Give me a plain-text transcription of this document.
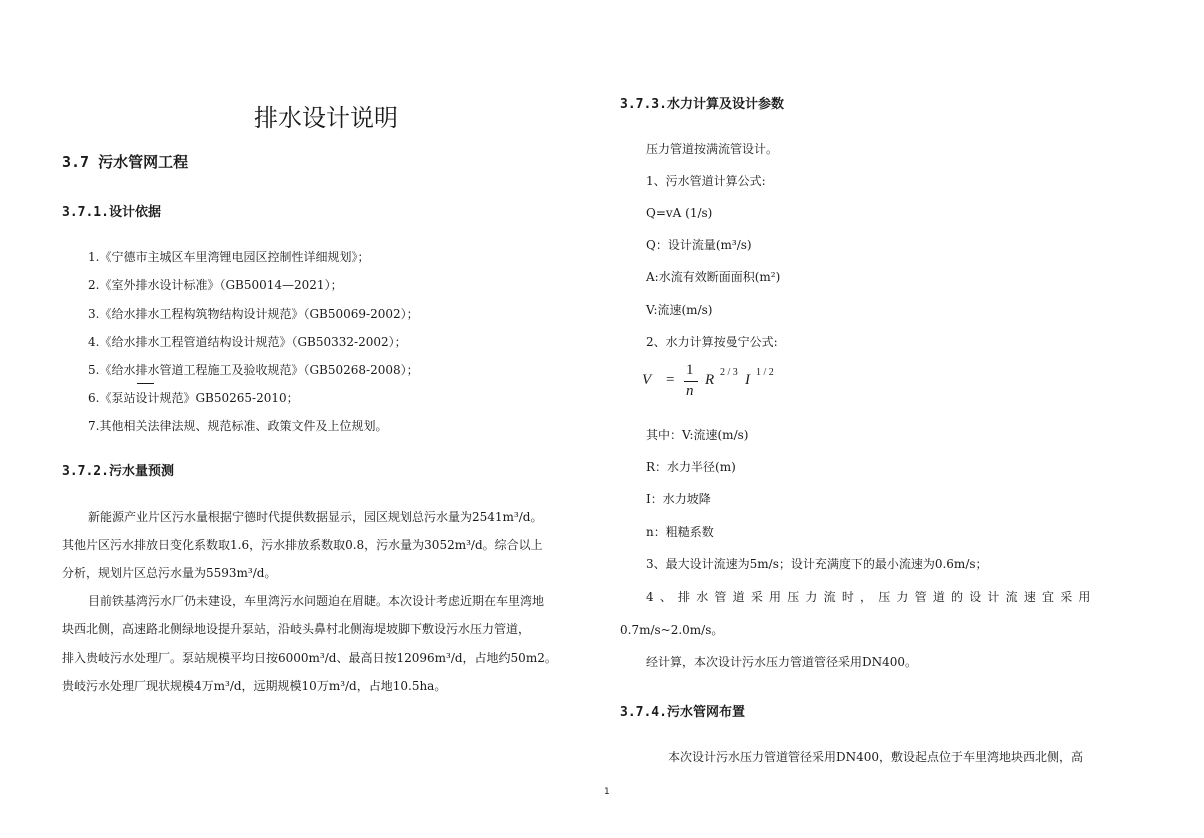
排水设计说明
3.7 污水管网工程
3.7.1.设计依据
1.《宁德市主城区车里湾锂电园区控制性详细规划》；
2.《室外排水设计标准》（GB50014—2021）；
3.《给水排水工程构筑物结构设计规范》（GB50069-2002）；
4.《给水排水工程管道结构设计规范》（GB50332-2002）；
5.《给水排水管道工程施工及验收规范》（GB50268-2008）；
6.《泵站设计规范》GB50265-2010；
7.其他相关法律法规、规范标准、政策文件及上位规划。
3.7.2.污水量预测
新能源产业片区污水量根据宁德时代提供数据显示，园区规划总污水量为2541m³/d。
其他片区污水排放日变化系数取1.6，污水排放系数取0.8，污水量为3052m³/d。综合以上
分析，规划片区总污水量为5593m³/d。
目前铁基湾污水厂仍未建设，车里湾污水问题迫在眉睫。本次设计考虑近期在车里湾地
块西北侧，高速路北侧绿地设提升泵站，沿岐头鼻村北侧海堤坡脚下敷设污水压力管道，
排入贵岐污水处理厂。泵站规模平均日按6000m³/d、最高日按12096m³/d，占地约50m2。
贵岐污水处理厂现状规模4万m³/d，远期规模10万m³/d，占地10.5ha。
3.7.3.水力计算及设计参数
压力管道按满流管设计。
1、污水管道计算公式:
Q=vA (1/s)
Q：设计流量(m³/s)
A:水流有效断面面积(m²)
V:流速(m/s)
2、水力计算按曼宁公式:
V =
1
n
R 2 / 3 I 1 / 2
其中：V:流速(m/s)
R：水力半径(m)
I：水力坡降
n：粗糙系数
3、最大设计流速为5m/s；设计充满度下的最小流速为0.6m/s；
4、排水管道采用压力流时，压力管道的设计流速宜采用
0.7m/s~2.0m/s。
经计算，本次设计污水压力管道管径采用DN400。
3.7.4.污水管网布置
本次设计污水压力管道管径采用DN400，敷设起点位于车里湾地块西北侧，高
1
